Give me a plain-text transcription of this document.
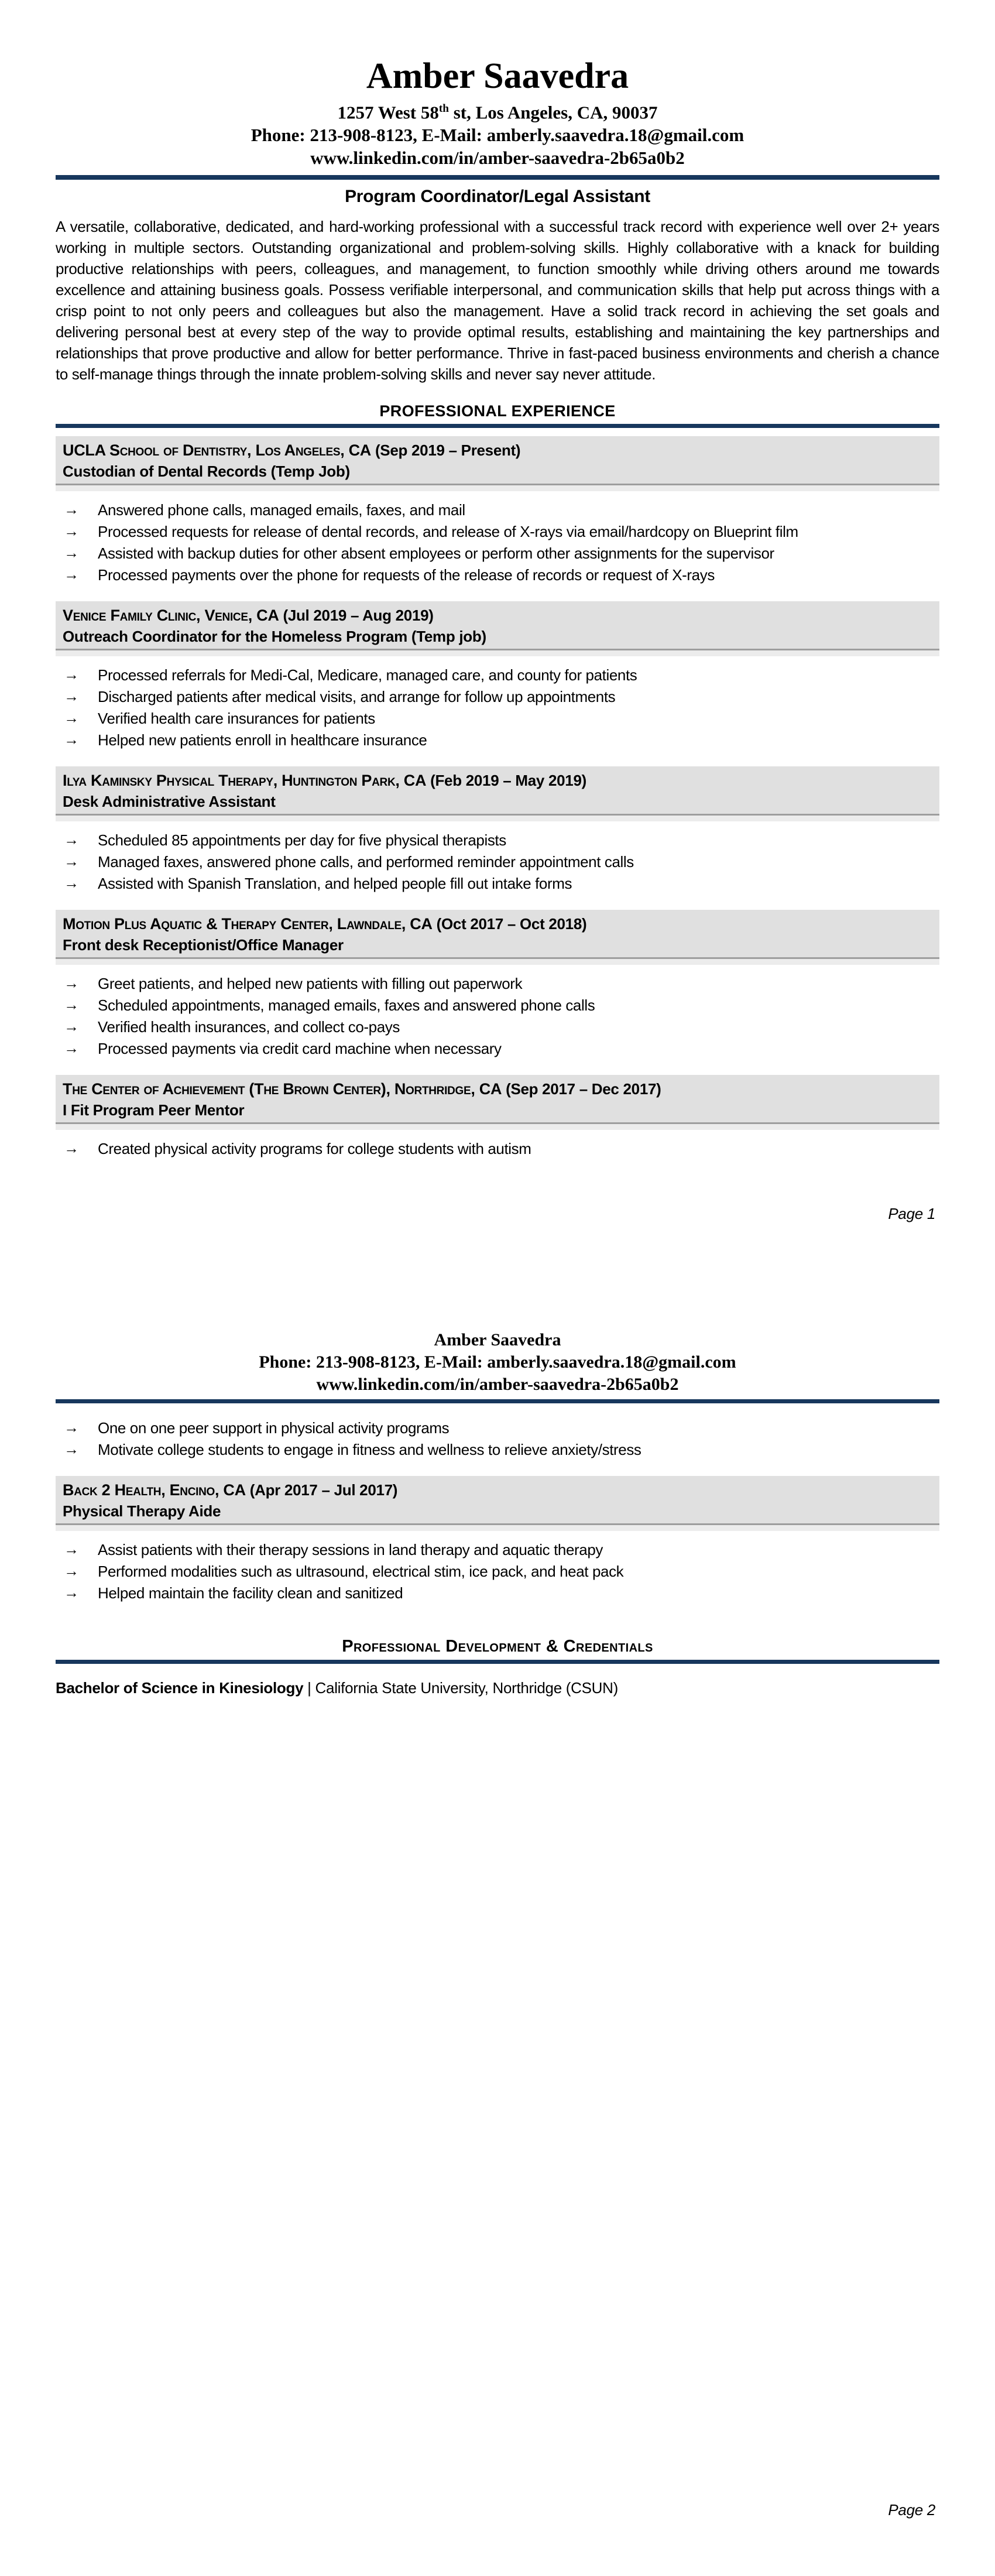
Amber Saavedra
1257 West 58th st, Los Angeles, CA, 90037
Phone: 213-908-8123, E-Mail: amberly.saavedra.18@gmail.com
www.linkedin.com/in/amber-saavedra-2b65a0b2
Program Coordinator/Legal Assistant
A versatile, collaborative, dedicated, and hard-working professional with a successful track record with experience well over 2+ years working in multiple sectors. Outstanding organizational and problem-solving skills. Highly collaborative with a knack for building productive relationships with peers, colleagues, and management, to function smoothly while driving others around me towards excellence and attaining business goals. Possess verifiable interpersonal, and communication skills that help put across things with a crisp point to not only peers and colleagues but also the management. Have a solid track record in achieving the set goals and delivering personal best at every step of the way to provide optimal results, establishing and maintaining the key partnerships and relationships that prove productive and allow for better performance. Thrive in fast-paced business environments and cherish a chance to self-manage things through the innate problem-solving skills and never say never attitude.
PROFESSIONAL EXPERIENCE
UCLA School of Dentistry, Los Angeles, CA (Sep 2019 – Present)
Custodian of Dental Records (Temp Job)
→ Answered phone calls, managed emails, faxes, and mail
→ Processed requests for release of dental records, and release of X-rays via email/hardcopy on Blueprint film
→ Assisted with backup duties for other absent employees or perform other assignments for the supervisor
→ Processed payments over the phone for requests of the release of records or request of X-rays
Venice Family Clinic, Venice, CA (Jul 2019 – Aug 2019)
Outreach Coordinator for the Homeless Program (Temp job)
→ Processed referrals for Medi-Cal, Medicare, managed care, and county for patients
→ Discharged patients after medical visits, and arrange for follow up appointments
→ Verified health care insurances for patients
→ Helped new patients enroll in healthcare insurance
Ilya Kaminsky Physical Therapy, Huntington Park, CA (Feb 2019 – May 2019)
Desk Administrative Assistant
→ Scheduled 85 appointments per day for five physical therapists
→ Managed faxes, answered phone calls, and performed reminder appointment calls
→ Assisted with Spanish Translation, and helped people fill out intake forms
Motion Plus Aquatic & Therapy Center, Lawndale, CA (Oct 2017 – Oct 2018)
Front desk Receptionist/Office Manager
→ Greet patients, and helped new patients with filling out paperwork
→ Scheduled appointments, managed emails, faxes and answered phone calls
→ Verified health insurances, and collect co-pays
→ Processed payments via credit card machine when necessary
The Center of Achievement (The Brown Center), Northridge, CA (Sep 2017 – Dec 2017)
I Fit Program Peer Mentor
→ Created physical activity programs for college students with autism
Page 1
Amber Saavedra
Phone: 213-908-8123, E-Mail: amberly.saavedra.18@gmail.com
www.linkedin.com/in/amber-saavedra-2b65a0b2
→ One on one peer support in physical activity programs
→ Motivate college students to engage in fitness and wellness to relieve anxiety/stress
Back 2 Health, Encino, CA (Apr 2017 – Jul 2017)
Physical Therapy Aide
→ Assist patients with their therapy sessions in land therapy and aquatic therapy
→ Performed modalities such as ultrasound, electrical stim, ice pack, and heat pack
→ Helped maintain the facility clean and sanitized
Professional Development & Credentials
Bachelor of Science in Kinesiology | California State University, Northridge (CSUN)
Page 2
